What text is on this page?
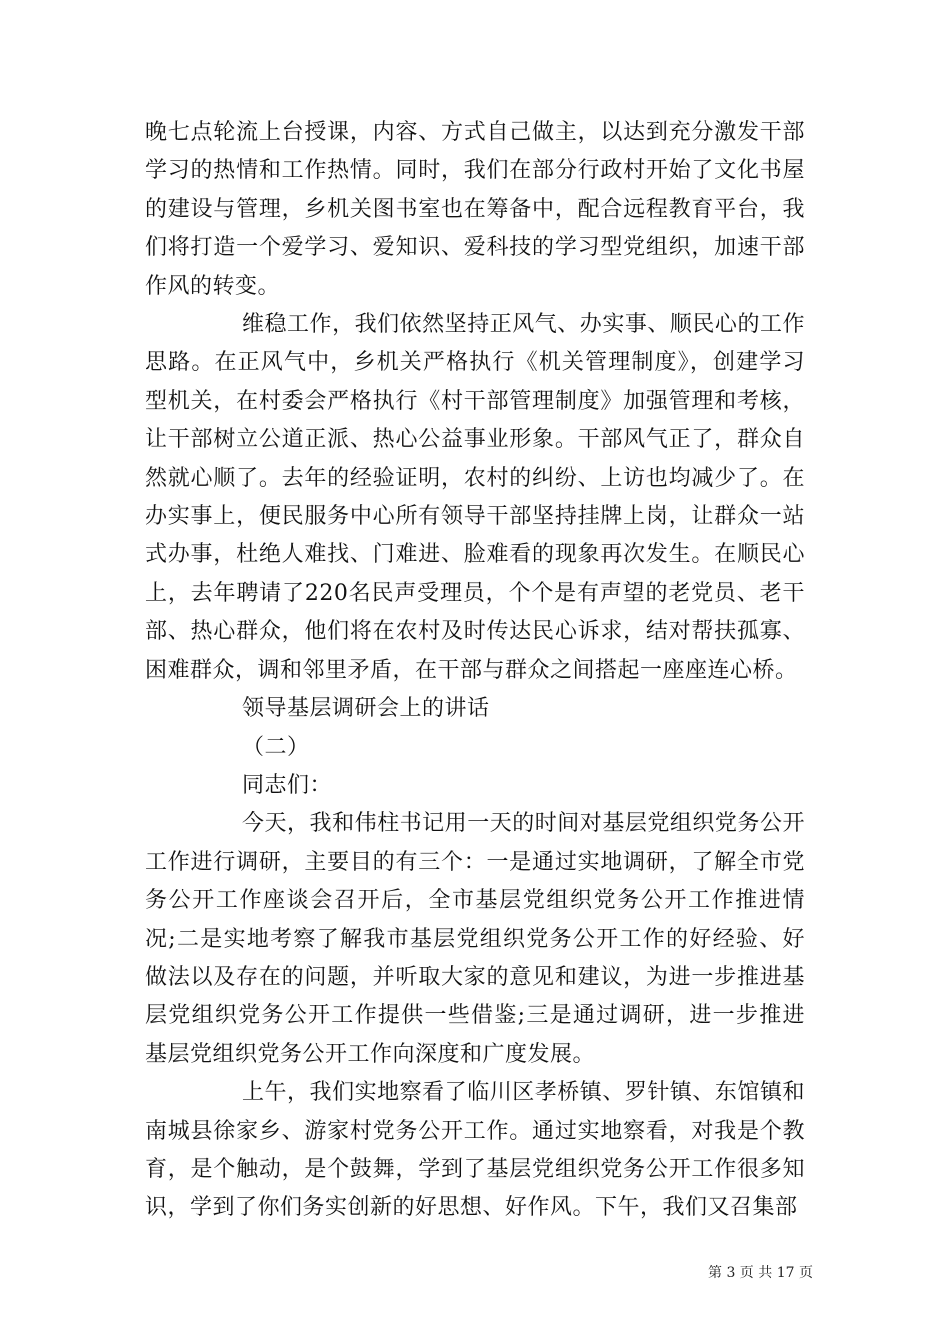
晚七点轮流上台授课，内容、方式自己做主，以达到充分激发干部学习的热情和工作热情。同时，我们在部分行政村开始了文化书屋的建设与管理，乡机关图书室也在筹备中，配合远程教育平台，我们将打造一个爱学习、爱知识、爱科技的学习型党组织，加速干部作风的转变。

维稳工作，我们依然坚持正风气、办实事、顺民心的工作思路。在正风气中，乡机关严格执行《机关管理制度》，创建学习型机关，在村委会严格执行《村干部管理制度》加强管理和考核，让干部树立公道正派、热心公益事业形象。干部风气正了，群众自然就心顺了。去年的经验证明，农村的纠纷、上访也均减少了。在办实事上，便民服务中心所有领导干部坚持挂牌上岗，让群众一站式办事，杜绝人难找、门难进、脸难看的现象再次发生。在顺民心上，去年聘请了220名民声受理员，个个是有声望的老党员、老干部、热心群众，他们将在农村及时传达民心诉求，结对帮扶孤寡、困难群众，调和邻里矛盾，在干部与群众之间搭起一座座连心桥。

领导基层调研会上的讲话

（二）

同志们：

今天，我和伟柱书记用一天的时间对基层党组织党务公开工作进行调研，主要目的有三个：一是通过实地调研，了解全市党务公开工作座谈会召开后，全市基层党组织党务公开工作推进情况;二是实地考察了解我市基层党组织党务公开工作的好经验、好做法以及存在的问题，并听取大家的意见和建议，为进一步推进基层党组织党务公开工作提供一些借鉴;三是通过调研，进一步推进基层党组织党务公开工作向深度和广度发展。

上午，我们实地察看了临川区孝桥镇、罗针镇、东馆镇和南城县徐家乡、游家村党务公开工作。通过实地察看，对我是个教育，是个触动，是个鼓舞，学到了基层党组织党务公开工作很多知识，学到了你们务实创新的好思想、好作风。下午，我们又召集部

第 3 页 共 17 页
